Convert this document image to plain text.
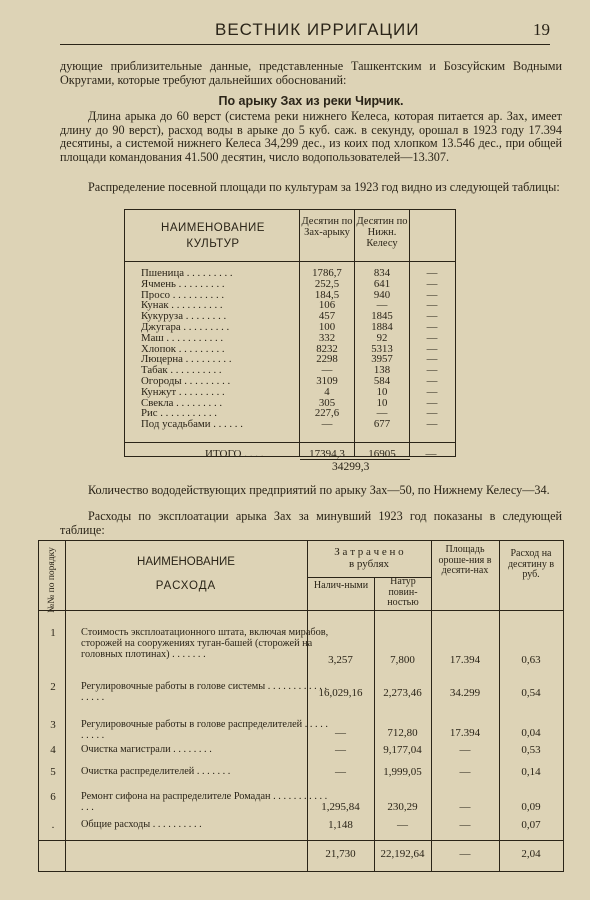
ВЕСТНИК ИРРИГАЦИИ	19

дующие приблизительные данные, представленные Ташкентским и Бозсуйским Водными Округами, которые требуют дальнейших обоснований:

По арыку Зах из реки Чирчик.

Длина арыка до 60 верст (система реки нижнего Келеса, которая питается ар. Зах, имеет длину до 90 верст), расход воды в арыке до 5 куб. саж. в секунду, орошал в 1923 году 17.394 десятины, а системой нижнего Келеса 34,299 дес., из коих под хлопком 13.546 дес., при общей площади командования 41.500 десятин, число водопользователей—13.307.

Распределение посевной площади по культурам за 1923 год видно из следующей таблицы:

НАИМЕНОВАНИЕ КУЛЬТУР
Десятин по Зах-арыку
Десятин по Нижн. Келесу
Пшеница . . . . . . . . .	1786,7	834	—
Ячмень . . . . . . . . .	252,5	641	—
Просо . . . . . . . . . .	184,5	940	—
Кунак . . . . . . . . . .	106	—	—
Кукуруза . . . . . . . .	457	1845	—
Джугара . . . . . . . . .	100	1884	—
Маш . . . . . . . . . . .	332	92	—
Хлопок . . . . . . . . .	8232	5313	—
Люцерна . . . . . . . . .	2298	3957	—
Табак . . . . . . . . . .	—	138	—
Огороды . . . . . . . . .	3109	584	—
Кунжут . . . . . . . . .	4	10	—
Свекла . . . . . . . . .	305	10	—
Рис . . . . . . . . . . .	227,6	—	—
Под усадьбами . . . . . .	—	677	—
ИТОГО . . . .	17394,3	16905	—
34299,3

Количество вододействующих предприятий по арыку Зах—50, по Нижнему Келесу—34.

Расходы по эксплоатации арыка Зах за минувший 1923 год показаны в следующей таблице:

№№ по порядку	НАИМЕНОВАНИЕ
РАСХОДА
З а т р а ч е н о
в рублях
Налич-ными	Натур повин-ностью
Площадь ороше-ния в десяти-нах
Расход на десятину в руб.
1	Стоимость эксплоатационного штата, включая мирабов, сторожей на сооружениях туган-башей (сторожей на головных плотинах) . . . . . . .	3,257	7,800	17.394	0,63
2	Регулировочные работы в голове системы . . . . . . . . . . . . . . . . .	16,029,16	2,273,46	34.299	0,54
3	Регулировочные работы в голове распределителей . . . . . . . . . .	—	712,80	17.394	0,04
4	Очистка магистрали . . . . . . . .	—	9,177,04	—	0,53
5	Очистка распределителей . . . . . . .	—	1,999,05	—	0,14
6	Ремонт сифона на распределителе Ромадан . . . . . . . . . . . . . .	1,295,84	230,29	—	0,09
.	Общие расходы . . . . . . . . . .	1,148	—	—	0,07
21,730	22,192,64	—	2,04
